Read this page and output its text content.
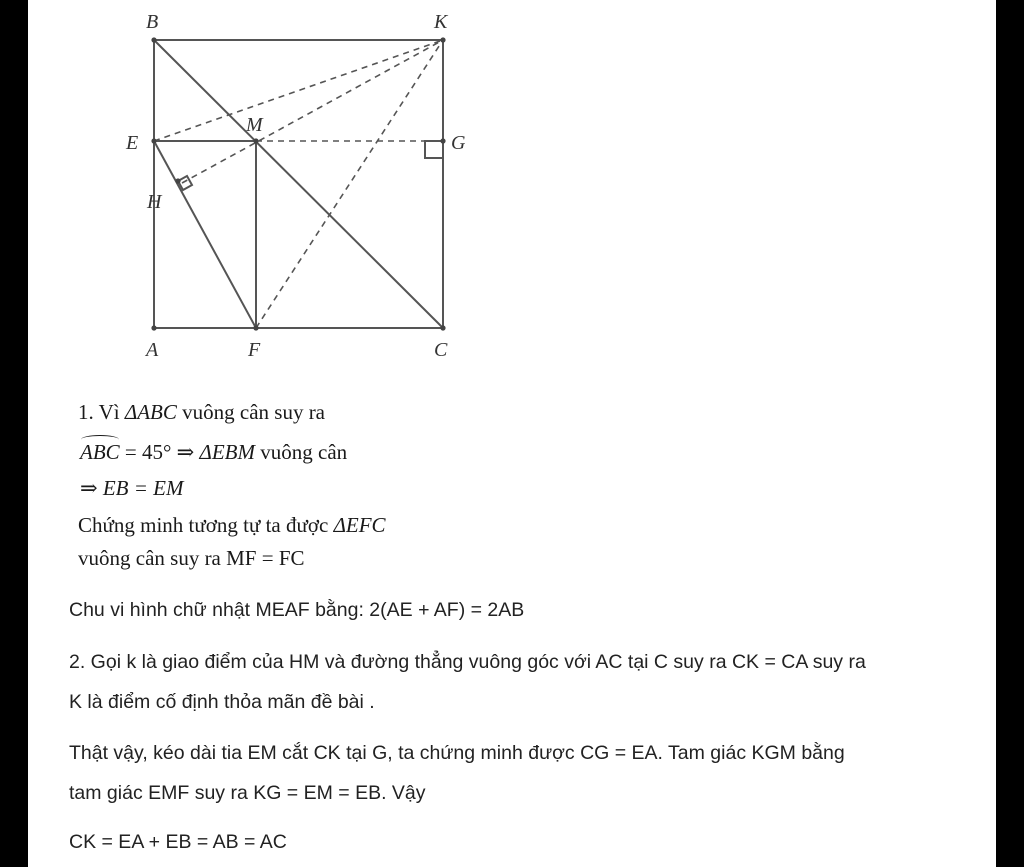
B	K
E
M
G
H
A	F	C
1. Vì ΔABC vuông cân suy ra
ABC = 45° ⇒ ΔEBM vuông cân
⇒ EB = EM
Chứng minh tương tự ta được ΔEFC
vuông cân suy ra MF = FC
Chu vi hình chữ nhật MEAF bằng: 2(AE + AF) = 2AB
2. Gọi k là giao điểm của HM và đường thẳng vuông góc với AC tại C suy ra CK = CA suy ra
K là điểm cố định thỏa mãn đề bài .
Thật vậy, kéo dài tia EM cắt CK tại G, ta chứng minh được CG = EA. Tam giác KGM bằng
tam giác EMF suy ra KG = EM = EB. Vậy
CK = EA + EB = AB = AC
